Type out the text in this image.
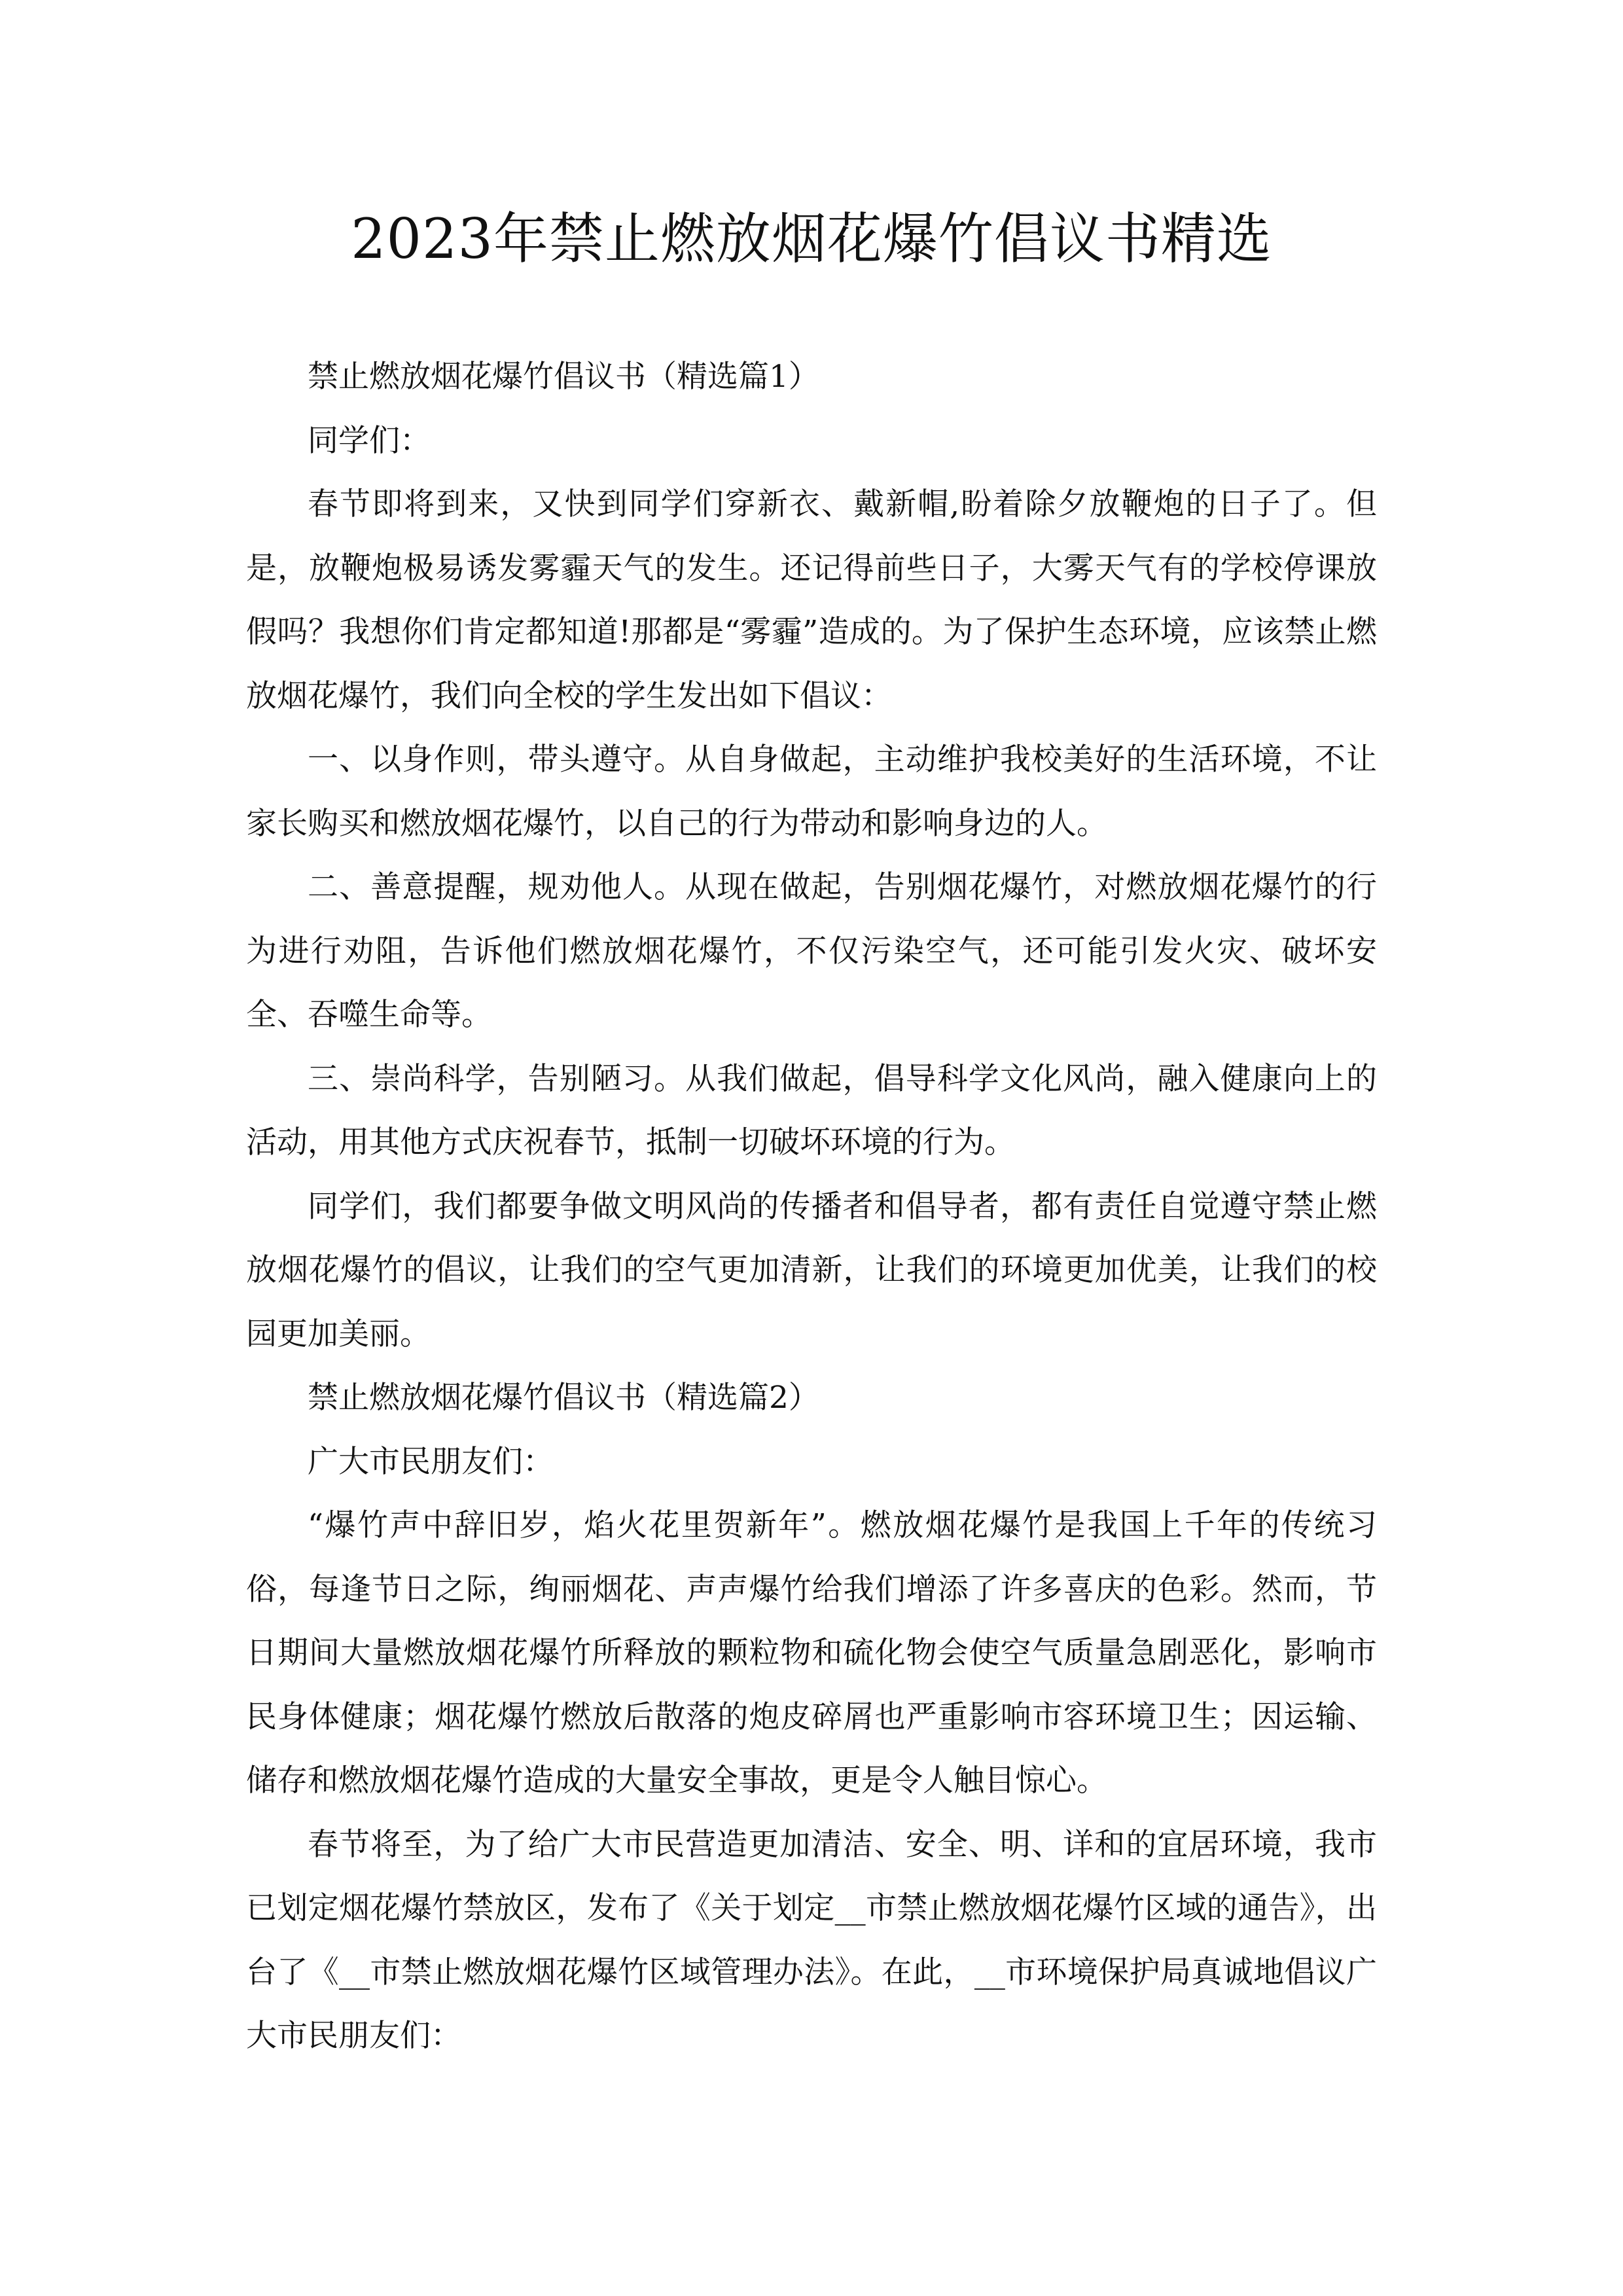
2023年禁止燃放烟花爆竹倡议书精选

禁止燃放烟花爆竹倡议书（精选篇1）

同学们：

春节即将到来，又快到同学们穿新衣、戴新帽,盼着除夕放鞭炮的日子了。但是，放鞭炮极易诱发雾霾天气的发生。还记得前些日子，大雾天气有的学校停课放假吗？我想你们肯定都知道!那都是“雾霾”造成的。为了保护生态环境，应该禁止燃放烟花爆竹，我们向全校的学生发出如下倡议：

一、以身作则，带头遵守。从自身做起，主动维护我校美好的生活环境，不让家长购买和燃放烟花爆竹，以自己的行为带动和影响身边的人。

二、善意提醒，规劝他人。从现在做起，告别烟花爆竹，对燃放烟花爆竹的行为进行劝阻，告诉他们燃放烟花爆竹，不仅污染空气，还可能引发火灾、破坏安全、吞噬生命等。

三、崇尚科学，告别陋习。从我们做起，倡导科学文化风尚，融入健康向上的活动，用其他方式庆祝春节，抵制一切破坏环境的行为。

同学们，我们都要争做文明风尚的传播者和倡导者，都有责任自觉遵守禁止燃放烟花爆竹的倡议，让我们的空气更加清新，让我们的环境更加优美，让我们的校园更加美丽。

禁止燃放烟花爆竹倡议书（精选篇2）

广大市民朋友们：

“爆竹声中辞旧岁，焰火花里贺新年”。燃放烟花爆竹是我国上千年的传统习俗，每逢节日之际，绚丽烟花、声声爆竹给我们增添了许多喜庆的色彩。然而，节日期间大量燃放烟花爆竹所释放的颗粒物和硫化物会使空气质量急剧恶化，影响市民身体健康；烟花爆竹燃放后散落的炮皮碎屑也严重影响市容环境卫生；因运输、储存和燃放烟花爆竹造成的大量安全事故，更是令人触目惊心。

春节将至，为了给广大市民营造更加清洁、安全、明、详和的宜居环境，我市已划定烟花爆竹禁放区，发布了《关于划定__市禁止燃放烟花爆竹区域的通告》，出台了《__市禁止燃放烟花爆竹区域管理办法》。在此，__市环境保护局真诚地倡议广大市民朋友们：
